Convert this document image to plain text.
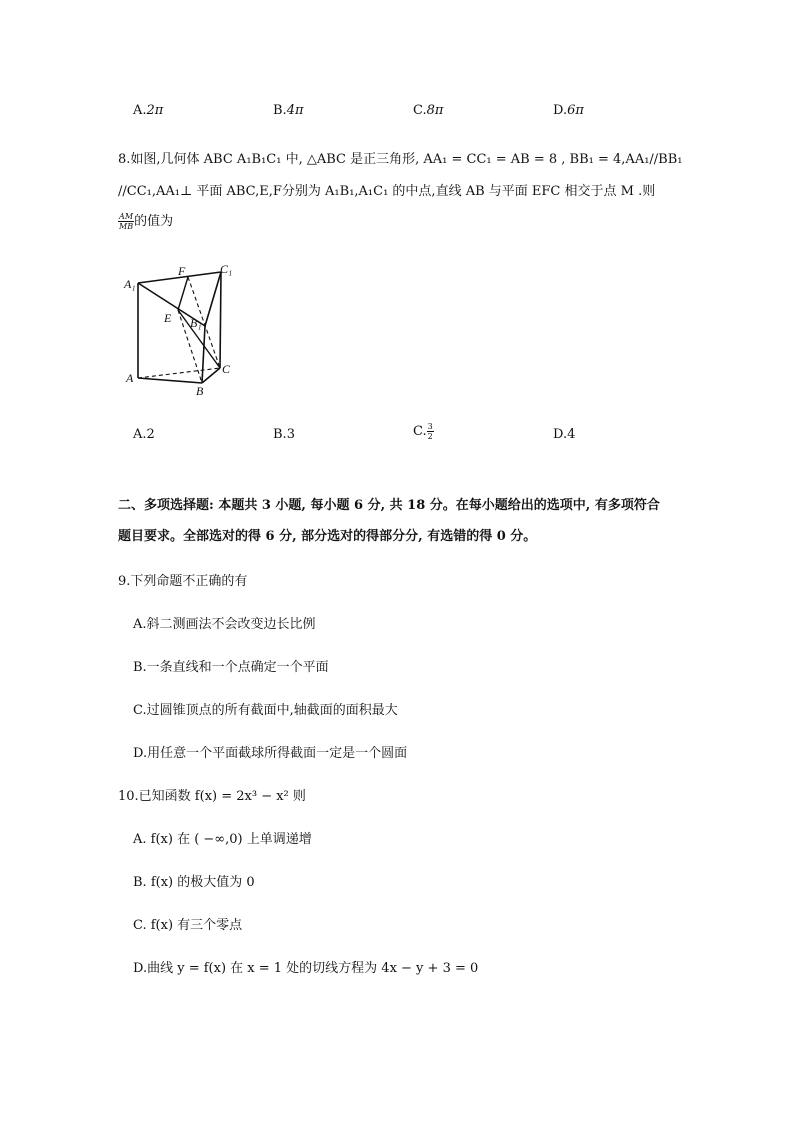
A.2π	B.4π	C.8π	D.6π
8.如图,几何体 ABC A₁B₁C₁ 中, △ABC 是正三角形, AA₁ = CC₁ = AB = 8 , BB₁ = 4,AA₁//BB₁
//CC₁,AA₁⊥ 平面 ABC,E,F分别为 A₁B₁,A₁C₁ 的中点,直线 AB 与平面 EFC 相交于点 M .则
$\frac{AM}{MB}$ 的值为
A₁
F	C₁
E B₁
A
B
C
A.2	B.3	C. $\frac{3}{2}$	D.4
二、多项选择题: 本题共 3 小题, 每小题 6 分, 共 18 分。在每小题给出的选项中, 有多项符合
题目要求。全部选对的得 6 分, 部分选对的得部分分, 有选错的得 0 分。
9.下列命题不正确的有
A.斜二测画法不会改变边长比例
B.一条直线和一个点确定一个平面
C.过圆锥顶点的所有截面中,轴截面的面积最大
D.用任意一个平面截球所得截面一定是一个圆面
10.已知函数 f(x) = 2x³ − x² 则
A. f(x) 在 ( −∞,0) 上单调递增
B. f(x) 的极大值为 0
C. f(x) 有三个零点
D.曲线 y = f(x) 在 x = 1 处的切线方程为 4x − y + 3 = 0
